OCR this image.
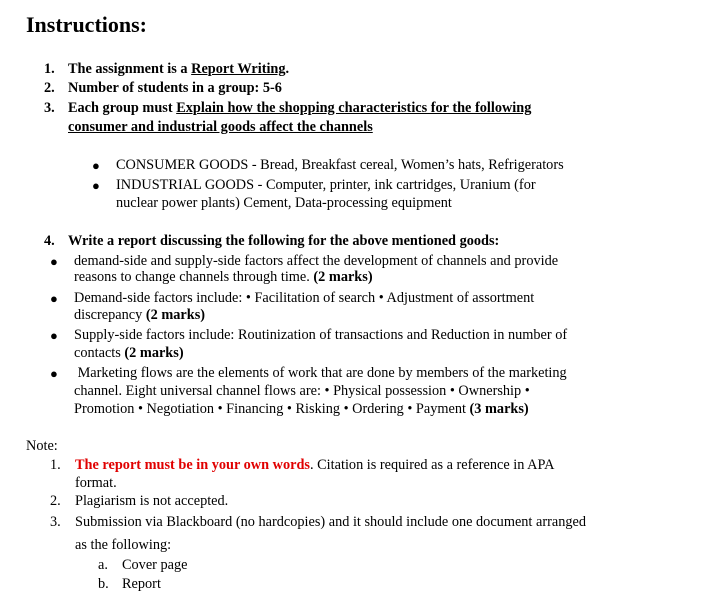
Instructions:
1. The assignment is a Report Writing.
2. Number of students in a group: 5-6
3. Each group must Explain how the shopping characteristics for the following
consumer and industrial goods affect the channels
● CONSUMER GOODS - Bread, Breakfast cereal, Women’s hats, Refrigerators
● INDUSTRIAL GOODS - Computer, printer, ink cartridges, Uranium (for
nuclear power plants) Cement, Data-processing equipment
4. Write a report discussing the following for the above mentioned goods:
● demand-side and supply-side factors affect the development of channels and provide
reasons to change channels through time. (2 marks)
● Demand-side factors include: • Facilitation of search • Adjustment of assortment
discrepancy (2 marks)
● Supply-side factors include: Routinization of transactions and Reduction in number of
contacts (2 marks)
● Marketing flows are the elements of work that are done by members of the marketing
channel. Eight universal channel flows are: • Physical possession • Ownership •
Promotion • Negotiation • Financing • Risking • Ordering • Payment (3 marks)
Note:
1. The report must be in your own words. Citation is required as a reference in APA
format.
2. Plagiarism is not accepted.
3. Submission via Blackboard (no hardcopies) and it should include one document arranged
as the following:
a. Cover page
b. Report
